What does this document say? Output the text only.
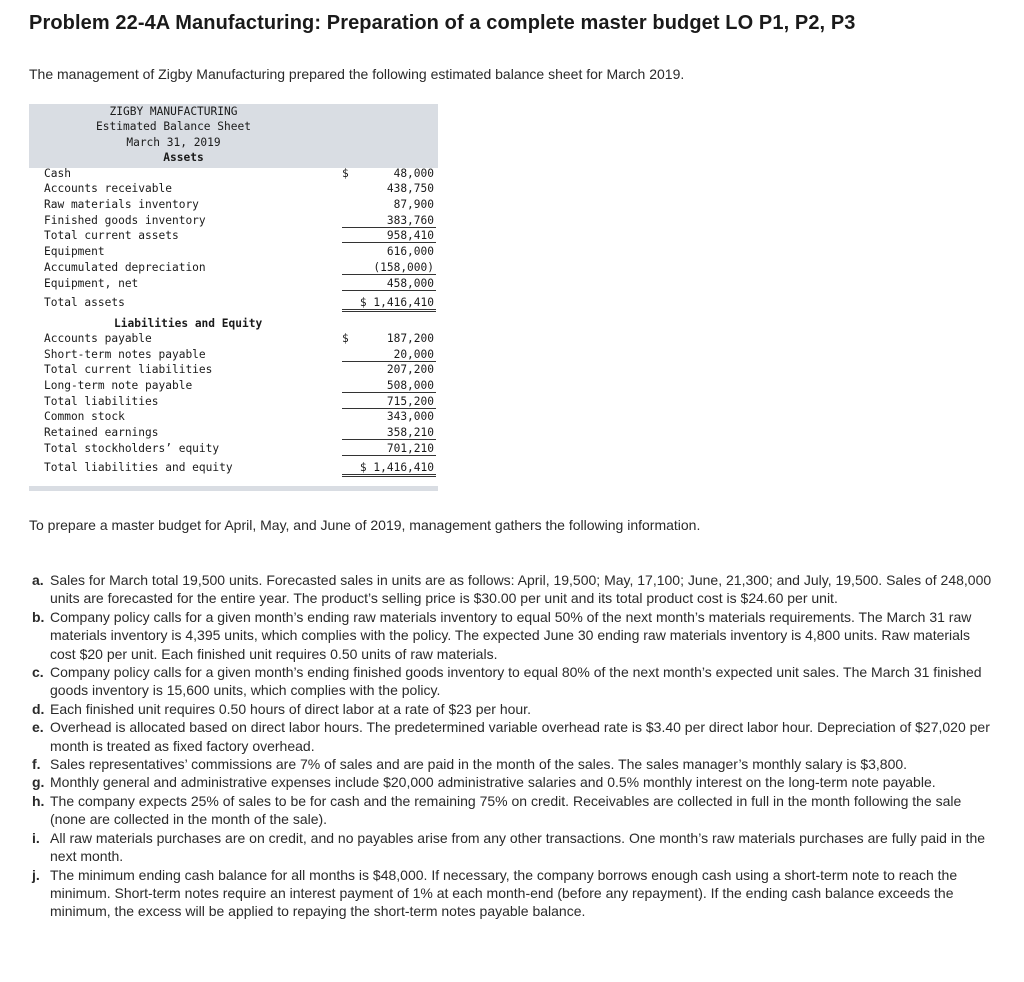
Problem 22-4A Manufacturing: Preparation of a complete master budget LO P1, P2, P3
The management of Zigby Manufacturing prepared the following estimated balance sheet for March 2019.
ZIGBY MANUFACTURING
Estimated Balance Sheet
March 31, 2019
Assets
Liabilities and Equity
Cash	$	48,000
Accounts receivable	438,750
Raw materials inventory	87,900
Finished goods inventory	383,760
Total current assets	958,410
Equipment	616,000
Accumulated depreciation	(158,000)
Equipment, net	458,000
Total assets	$ 1,416,410
Accounts payable	$	187,200
Short-term notes payable	20,000
Total current liabilities	207,200
Long-term note payable	508,000
Total liabilities	715,200
Common stock	343,000
Retained earnings	358,210
Total stockholders’ equity	701,210
Total liabilities and equity	$ 1,416,410
To prepare a master budget for April, May, and June of 2019, management gathers the following information.
a. Sales for March total 19,500 units. Forecasted sales in units are as follows: April, 19,500; May, 17,100; June, 21,300; and July, 19,500. Sales of 248,000 units are forecasted for the entire year. The product’s selling price is $30.00 per unit and its total product cost is $24.60 per unit.
b. Company policy calls for a given month’s ending raw materials inventory to equal 50% of the next month’s materials requirements. The March 31 raw materials inventory is 4,395 units, which complies with the policy. The expected June 30 ending raw materials inventory is 4,800 units. Raw materials cost $20 per unit. Each finished unit requires 0.50 units of raw materials.
c. Company policy calls for a given month’s ending finished goods inventory to equal 80% of the next month’s expected unit sales. The March 31 finished goods inventory is 15,600 units, which complies with the policy.
d. Each finished unit requires 0.50 hours of direct labor at a rate of $23 per hour.
e. Overhead is allocated based on direct labor hours. The predetermined variable overhead rate is $3.40 per direct labor hour. Depreciation of $27,020 per month is treated as fixed factory overhead.
f. Sales representatives’ commissions are 7% of sales and are paid in the month of the sales. The sales manager’s monthly salary is $3,800.
g. Monthly general and administrative expenses include $20,000 administrative salaries and 0.5% monthly interest on the long-term note payable.
h. The company expects 25% of sales to be for cash and the remaining 75% on credit. Receivables are collected in full in the month following the sale (none are collected in the month of the sale).
i. All raw materials purchases are on credit, and no payables arise from any other transactions. One month’s raw materials purchases are fully paid in the next month.
j. The minimum ending cash balance for all months is $48,000. If necessary, the company borrows enough cash using a short-term note to reach the minimum. Short-term notes require an interest payment of 1% at each month-end (before any repayment). If the ending cash balance exceeds the minimum, the excess will be applied to repaying the short-term notes payable balance.
